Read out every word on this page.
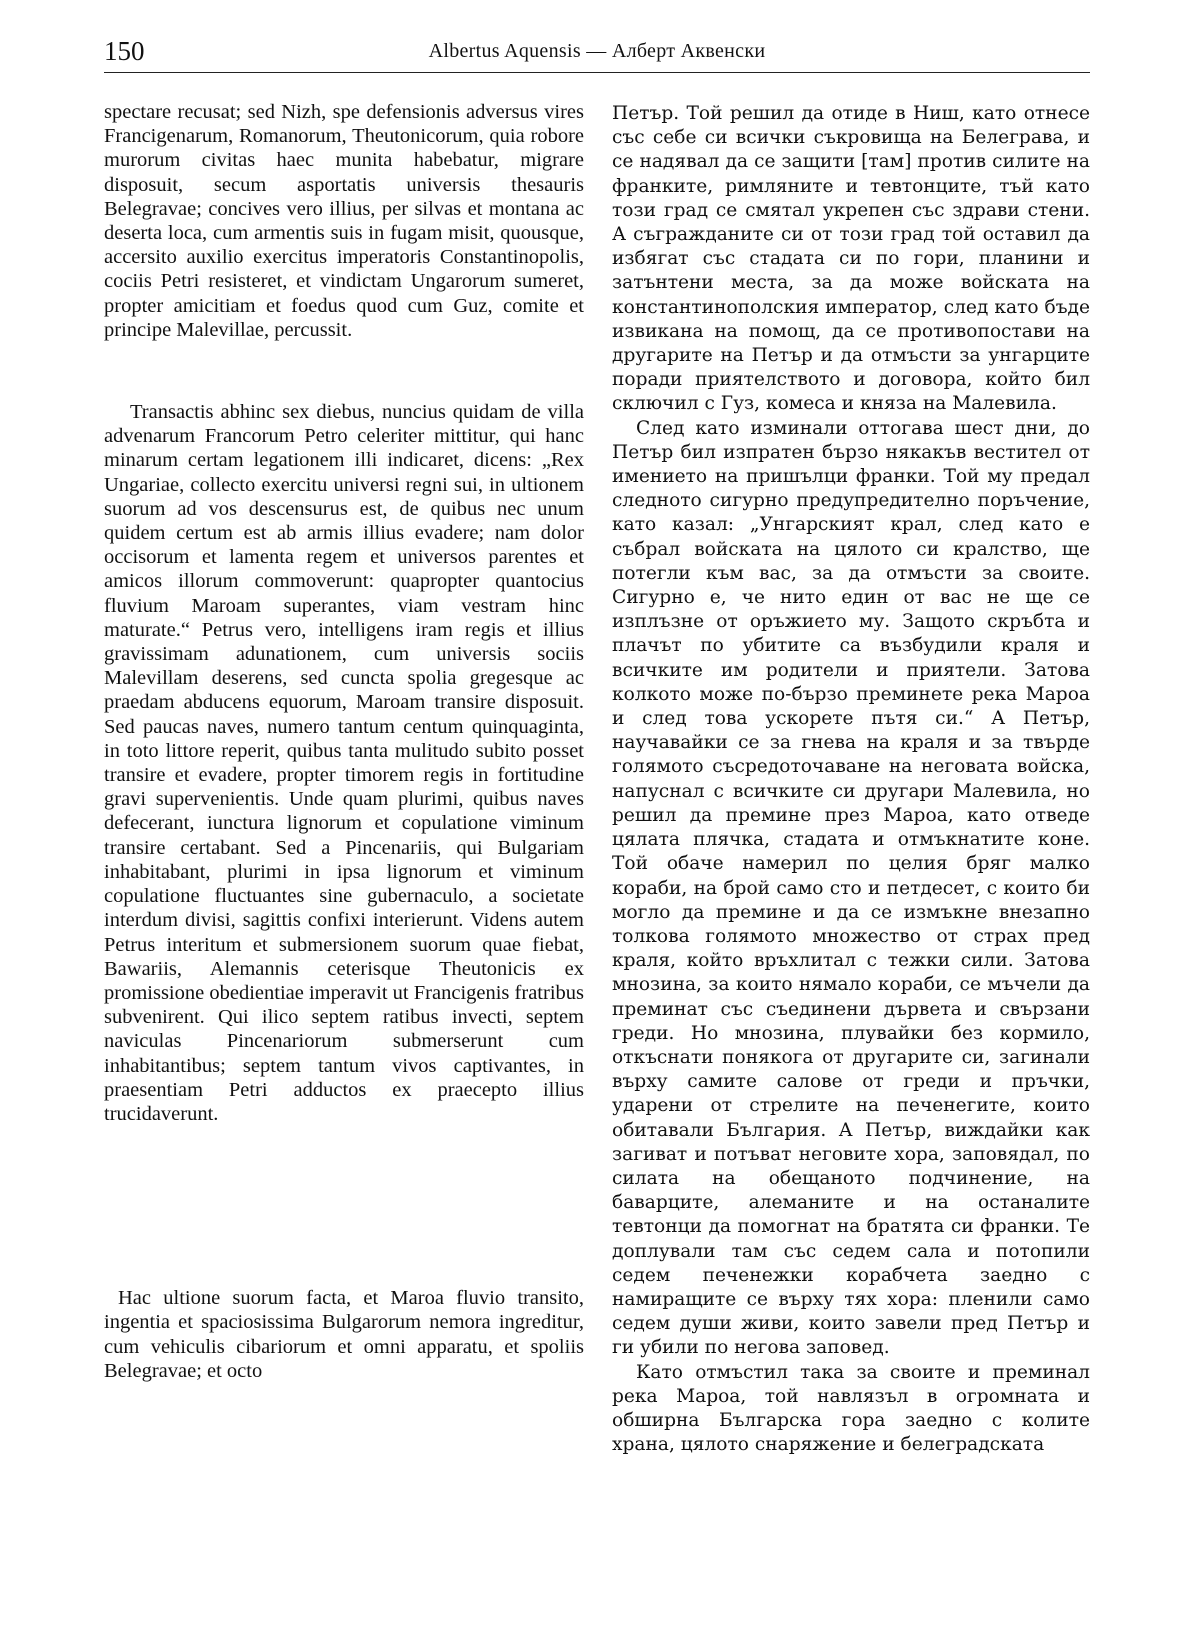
150	Albertus Aquensis — Алберт Аквенски

spectare recusat; sed Nizh, spe defensionis adversus vires Francigenarum, Romanorum, Theutonicorum, quia robore murorum civitas haec munita habebatur, migrare disposuit, secum asportatis universis thesauris Belegravae; concives vero illius, per silvas et montana ac deserta loca, cum armentis suis in fugam misit, quousque, accersito auxilio exercitus imperatoris Constantinopolis, cociis Petri resisteret, et vindictam Ungarorum sumeret, propter amicitiam et foedus quod cum Guz, comite et principe Malevillae, percussit.

Transactis abhinc sex diebus, nuncius quidam de villa advenarum Francorum Petro celeriter mittitur, qui hanc minarum certam legationem illi indicaret, dicens: „Rex Ungariae, collecto exercitu universi regni sui, in ultionem suorum ad vos descensurus est, de quibus nec unum quidem certum est ab armis illius evadere; nam dolor occisorum et lamenta regem et universos parentes et amicos illorum commoverunt: quapropter quantocius fluvium Maroam superantes, viam vestram hinc maturate.“ Petrus vero, intelligens iram regis et illius gravissimam adunationem, cum universis sociis Malevillam deserens, sed cuncta spolia gregesque ac praedam abducens equorum, Maroam transire disposuit. Sed paucas naves, numero tantum centum quinquaginta, in toto littore reperit, quibus tanta mulitudo subito posset transire et evadere, propter timorem regis in fortitudine gravi supervenientis. Unde quam plurimi, quibus naves defecerant, iunctura lignorum et copulatione viminum transire certabant. Sed a Pincenariis, qui Bulgariam inhabitabant, plurimi in ipsa lignorum et viminum copulatione fluctuantes sine gubernaculo, a societate interdum divisi, sagittis confixi interierunt. Videns autem Petrus interitum et submersionem suorum quae fiebat, Bawariis, Alemannis ceterisque Theutonicis ex promissione obedientiae imperavit ut Francigenis fratribus subvenirent. Qui ilico septem ratibus invecti, septem naviculas Pincenariorum submerserunt cum inhabitantibus; septem tantum vivos captivantes, in praesentiam Petri adductos ex praecepto illius trucidaverunt.

Hac ultione suorum facta, et Maroa fluvio transito, ingentia et spaciosissima Bulgarorum nemora ingreditur, cum vehiculis cibariorum et omni apparatu, et spoliis Belegravae; et octo

Петър. Той решил да отиде в Ниш, като отнесе със себе си всички съкровища на Белеграва, и се надявал да се защити [там] против силите на франките, римляните и тевтонците, тъй като този град се смятал укрепен със здрави стени. А съгражданите си от този град той оставил да избягат със стадата си по гори, планини и затънтени места, за да може войската на константинополския император, след като бъде извикана на помощ, да се противопостави на другарите на Петър и да отмъсти за унгарците поради приятелството и договора, който бил сключил с Гуз, комеса и княза на Малевила.

След като изминали оттогава шест дни, до Петър бил изпратен бързо някакъв вестител от имението на пришълци франки. Той му предал следното сигурно предупредително поръчение, като казал: „Унгарският крал, след като е събрал войската на цялото си кралство, ще потегли към вас, за да отмъсти за своите. Сигурно е, че нито един от вас не ще се изплъзне от оръжието му. Защото скръбта и плачът по убитите са възбудили краля и всичките им родители и приятели. Затова колкото може по-бързо преминете река Мароа и след това ускорете пътя си.“ А Петър, научавайки се за гнева на краля и за твърде голямото съсредоточаване на неговата войска, напуснал с всичките си другари Малевила, но решил да премине през Мароа, като отведе цялата плячка, стадата и отмъкнатите коне. Той обаче намерил по целия бряг малко кораби, на брой само сто и петдесет, с които би могло да премине и да се измъкне внезапно толкова голямото множество от страх пред краля, който връхлитал с тежки сили. Затова мнозина, за които нямало кораби, се мъчели да преминат със съединени дървета и свързани греди. Но мнозина, плувайки без кормило, откъснати понякога от другарите си, загинали върху самите салове от греди и пръчки, ударени от стрелите на печенегите, които обитавали България. А Петър, виждайки как загиват и потъват неговите хора, заповядал, по силата на обещаното подчинение, на баварците, алеманите и на останалите тевтонци да помогнат на братята си франки. Те доплували там със седем сала и потопили седем печенежки корабчета заедно с намиращите се върху тях хора: пленили само седем души живи, които завели пред Петър и ги убили по негова заповед.

Като отмъстил така за своите и преминал река Мароа, той навлязъл в огромната и обширна Българска гора заедно с колите храна, цялото снаряжение и белеградската
